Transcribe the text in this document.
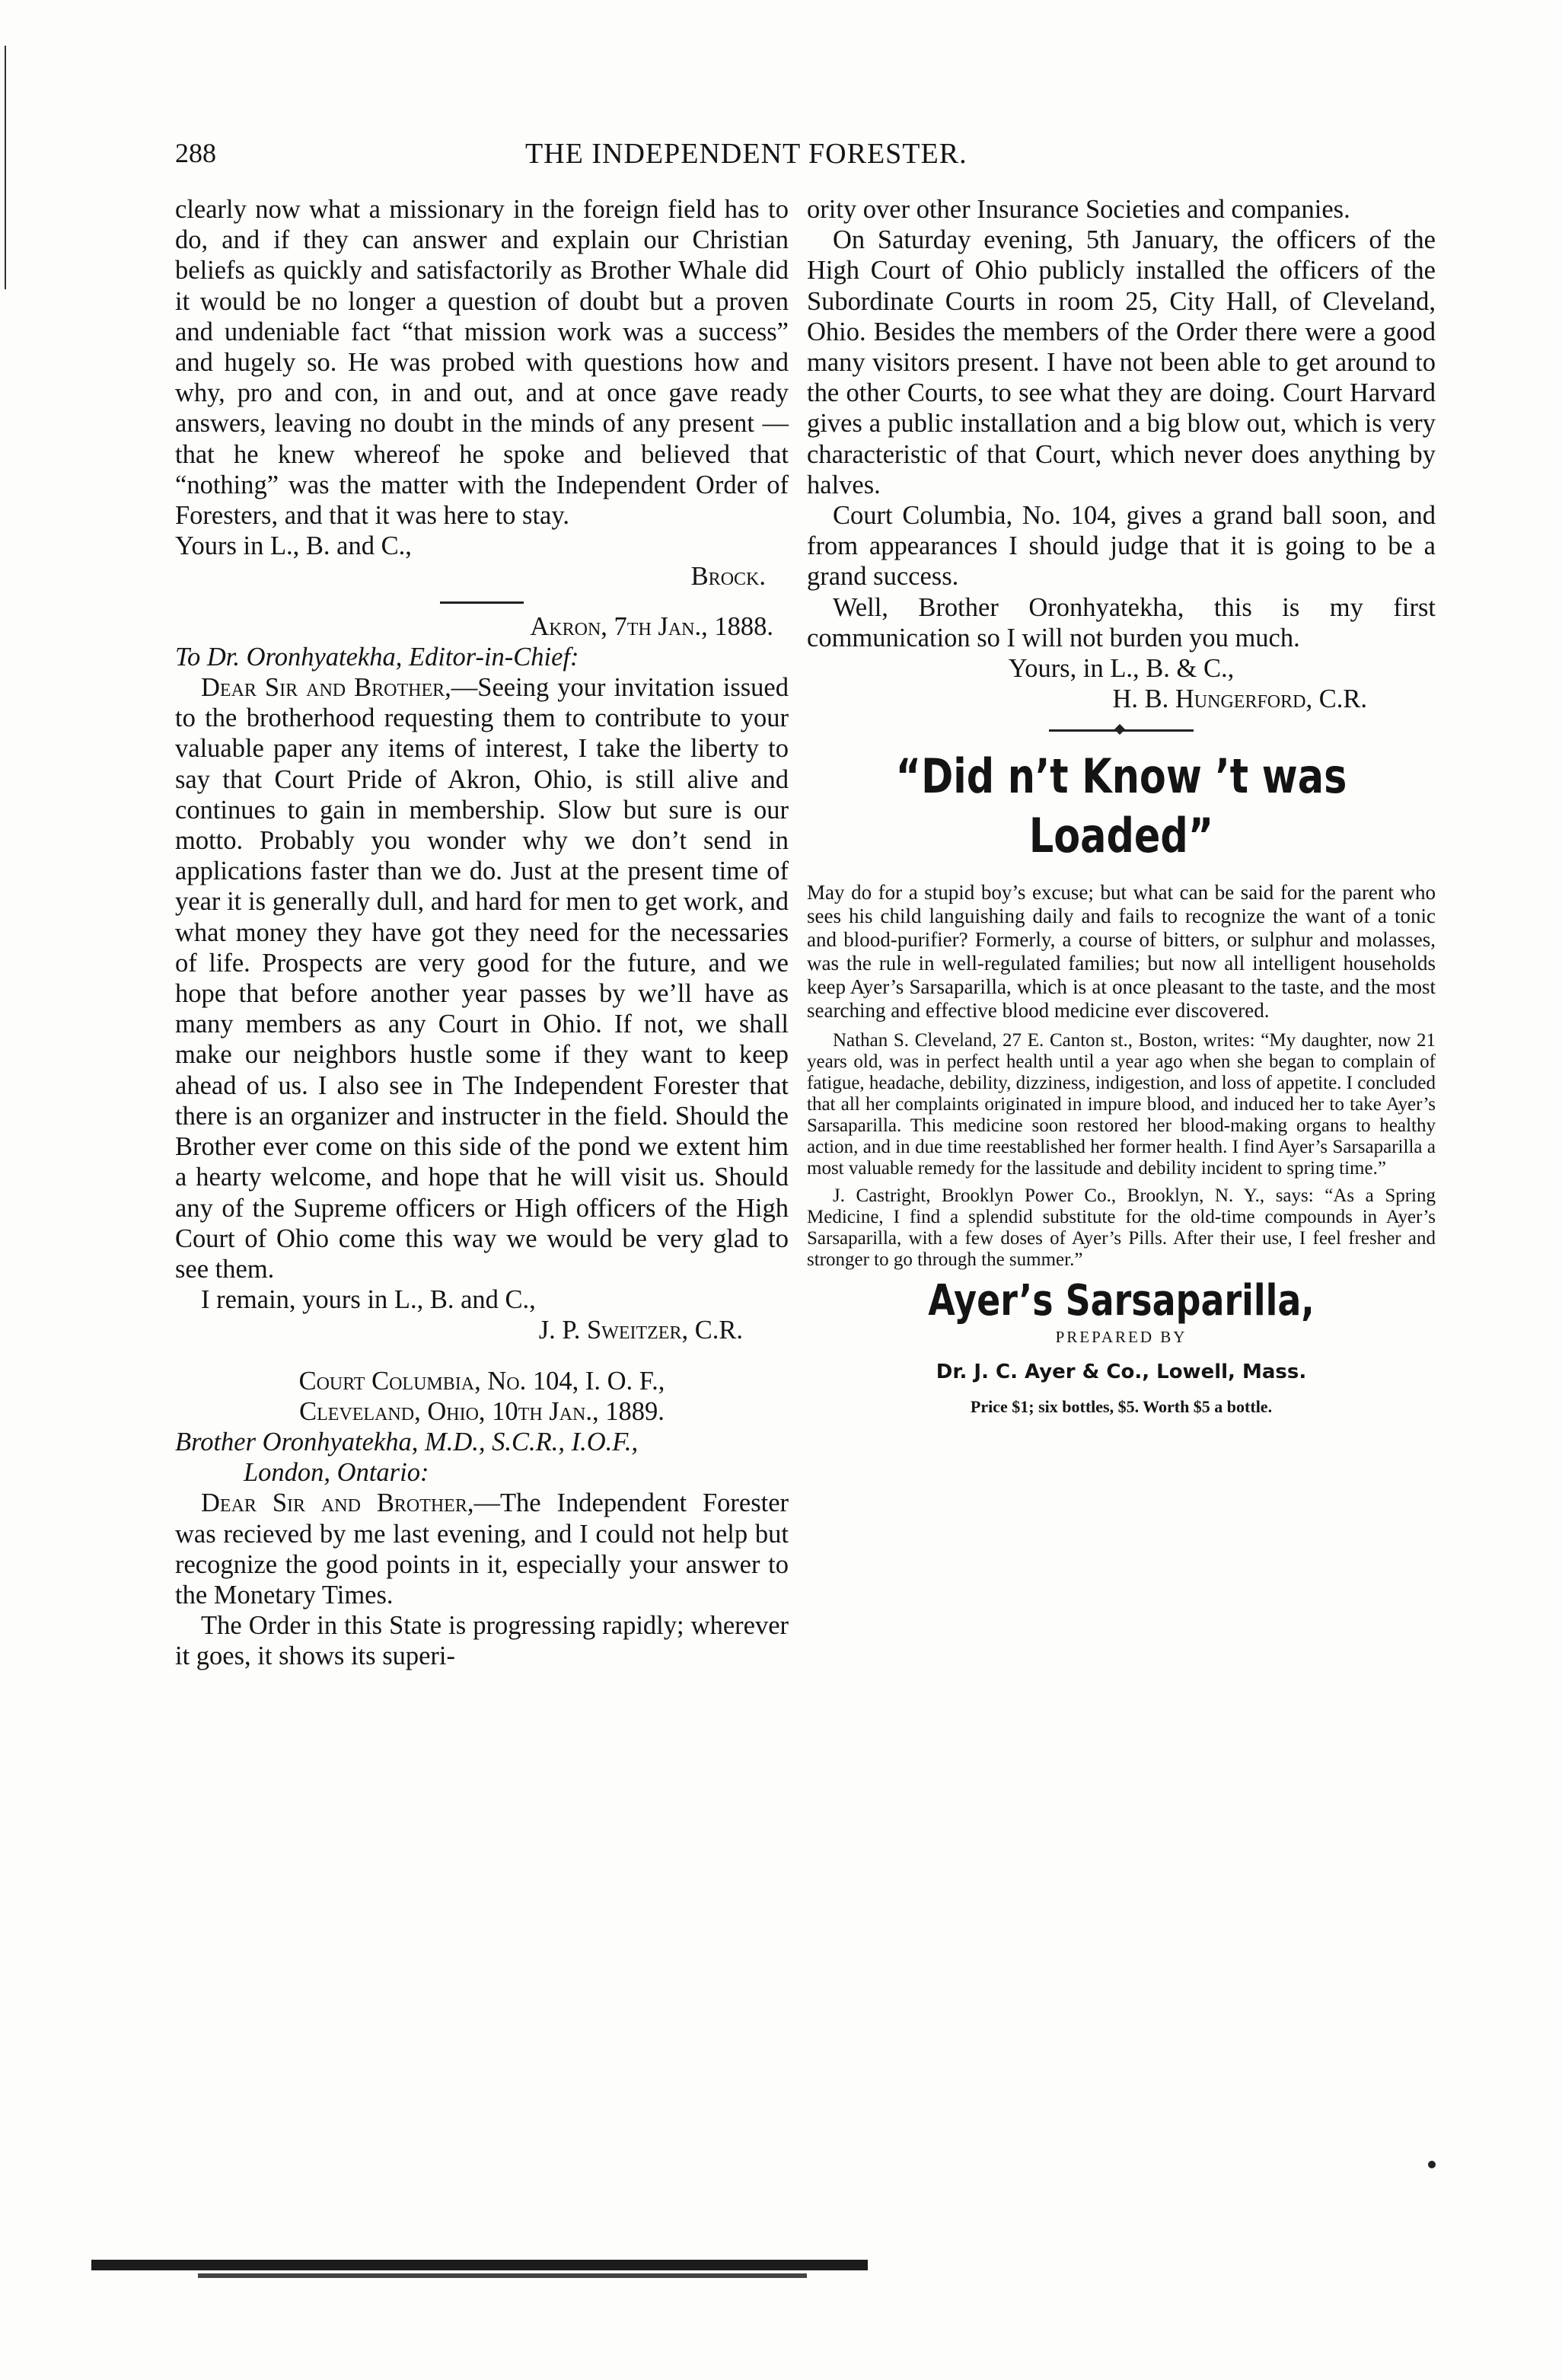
288	THE INDEPENDENT FORESTER.

clearly now what a missionary in the foreign field has to do, and if they can answer and explain our Christian beliefs as quickly and satisfactorily as Brother Whale did it would be no longer a question of doubt but a proven and undeniable fact “that mission work was a success” and hugely so. He was probed with questions how and why, pro and con, in and out, and at once gave ready answers, leaving no doubt in the minds of any present —that he knew whereof he spoke and believed that “nothing” was the matter with the Independent Order of Foresters, and that it was here to stay.

Yours in L., B. and C.,

Brock.

Akron, 7th Jan., 1888.

To Dr. Oronhyatekha, Editor-in-Chief:

Dear Sir and Brother,—Seeing your invitation issued to the brotherhood requesting them to contribute to your valuable paper any items of interest, I take the liberty to say that Court Pride of Akron, Ohio, is still alive and continues to gain in membership. Slow but sure is our motto. Probably you wonder why we don’t send in applications faster than we do. Just at the present time of year it is generally dull, and hard for men to get work, and what money they have got they need for the necessaries of life. Prospects are very good for the future, and we hope that before another year passes by we’ll have as many members as any Court in Ohio. If not, we shall make our neighbors hustle some if they want to keep ahead of us. I also see in The Independent Forester that there is an organizer and instructer in the field. Should the Brother ever come on this side of the pond we extent him a hearty welcome, and hope that he will visit us. Should any of the Supreme officers or High officers of the High Court of Ohio come this way we would be very glad to see them.

I remain, yours in L., B. and C.,

J. P. Sweitzer, C.R.

Court Columbia, No. 104, I. O. F.,

Cleveland, Ohio, 10th Jan., 1889.

Brother Oronhyatekha, M.D., S.C.R., I.O.F.,

London, Ontario:

Dear Sir and Brother,—The Independent Forester was recieved by me last evening, and I could not help but recognize the good points in it, especially your answer to the Monetary Times.

The Order in this State is progressing rapidly; wherever it goes, it shows its superi-

ority over other Insurance Societies and companies.

On Saturday evening, 5th January, the officers of the High Court of Ohio publicly installed the officers of the Subordinate Courts in room 25, City Hall, of Cleveland, Ohio. Besides the members of the Order there were a good many visitors present. I have not been able to get around to the other Courts, to see what they are doing. Court Harvard gives a public installation and a big blow out, which is very characteristic of that Court, which never does anything by halves.

Court Columbia, No. 104, gives a grand ball soon, and from appearances I should judge that it is going to be a grand success.

Well, Brother Oronhyatekha, this is my first communication so I will not burden you much.

Yours, in L., B. & C.,

H. B. Hungerford, C.R.

“Did n’t Know ’t was Loaded”

May do for a stupid boy’s excuse; but what can be said for the parent who sees his child languishing daily and fails to recognize the want of a tonic and blood-purifier? Formerly, a course of bitters, or sulphur and molasses, was the rule in well-regulated families; but now all intelligent households keep Ayer’s Sarsaparilla, which is at once pleasant to the taste, and the most searching and effective blood medicine ever discovered.

Nathan S. Cleveland, 27 E. Canton st., Boston, writes: “My daughter, now 21 years old, was in perfect health until a year ago when she began to complain of fatigue, headache, debility, dizziness, indigestion, and loss of appetite. I concluded that all her complaints originated in impure blood, and induced her to take Ayer’s Sarsaparilla. This medicine soon restored her blood-making organs to healthy action, and in due time reestablished her former health. I find Ayer’s Sarsaparilla a most valuable remedy for the lassitude and debility incident to spring time.”

J. Castright, Brooklyn Power Co., Brooklyn, N. Y., says: “As a Spring Medicine, I find a splendid substitute for the old-time compounds in Ayer’s Sarsaparilla, with a few doses of Ayer’s Pills. After their use, I feel fresher and stronger to go through the summer.”

Ayer’s Sarsaparilla,
PREPARED BY
Dr. J. C. Ayer & Co., Lowell, Mass.
Price $1; six bottles, $5. Worth $5 a bottle.
